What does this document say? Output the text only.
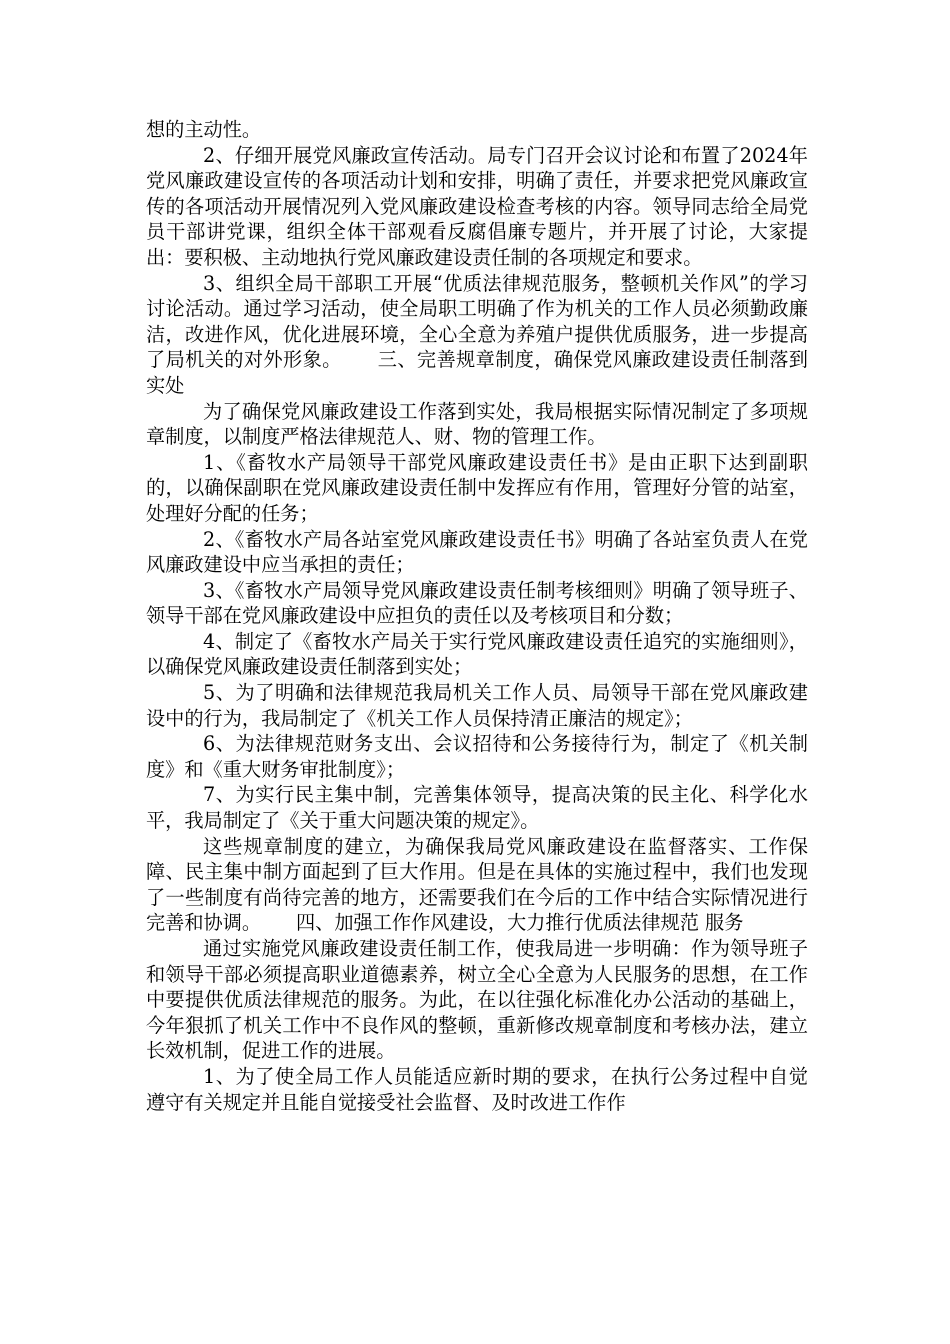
想的主动性。

2、仔细开展党风廉政宣传活动。局专门召开会议讨论和布置了2024年党风廉政建设宣传的各项活动计划和安排，明确了责任，并要求把党风廉政宣传的各项活动开展情况列入党风廉政建设检查考核的内容。领导同志给全局党员干部讲党课，组织全体干部观看反腐倡廉专题片，并开展了讨论，大家提出：要积极、主动地执行党风廉政建设责任制的各项规定和要求。

3、组织全局干部职工开展“优质法律规范服务，整顿机关作风”的学习讨论活动。通过学习活动，使全局职工明确了作为机关的工作人员必须勤政廉洁，改进作风，优化进展环境，全心全意为养殖户提供优质服务，进一步提高了局机关的对外形象。　　 三、完善规章制度，确保党风廉政建设责任制落到实处

为了确保党风廉政建设工作落到实处，我局根据实际情况制定了多项规章制度，以制度严格法律规范人、财、物的管理工作。

1、《畜牧水产局领导干部党风廉政建设责任书》是由正职下达到副职的，以确保副职在党风廉政建设责任制中发挥应有作用，管理好分管的站室，处理好分配的任务；

2、《畜牧水产局各站室党风廉政建设责任书》明确了各站室负责人在党风廉政建设中应当承担的责任；

3、《畜牧水产局领导党风廉政建设责任制考核细则》明确了领导班子、领导干部在党风廉政建设中应担负的责任以及考核项目和分数；

4、制定了《畜牧水产局关于实行党风廉政建设责任追究的实施细则》，以确保党风廉政建设责任制落到实处；

5、为了明确和法律规范我局机关工作人员、局领导干部在党风廉政建设中的行为，我局制定了《机关工作人员保持清正廉洁的规定》；

6、为法律规范财务支出、会议招待和公务接待行为，制定了《机关制度》和《重大财务审批制度》；

7、为实行民主集中制，完善集体领导，提高决策的民主化、科学化水平，我局制定了《关于重大问题决策的规定》。

这些规章制度的建立，为确保我局党风廉政建设在监督落实、工作保障、民主集中制方面起到了巨大作用。但是在具体的实施过程中，我们也发现了一些制度有尚待完善的地方，还需要我们在今后的工作中结合实际情况进行完善和协调。　　 四、加强工作作风建设，大力推行优质法律规范 服务

通过实施党风廉政建设责任制工作，使我局进一步明确：作为领导班子和领导干部必须提高职业道德素养，树立全心全意为人民服务的思想，在工作中要提供优质法律规范的服务。为此，在以往强化标准化办公活动的基础上，今年狠抓了机关工作中不良作风的整顿，重新修改规章制度和考核办法，建立长效机制，促进工作的进展。

1、为了使全局工作人员能适应新时期的要求，在执行公务过程中自觉遵守有关规定并且能自觉接受社会监督、及时改进工作作
